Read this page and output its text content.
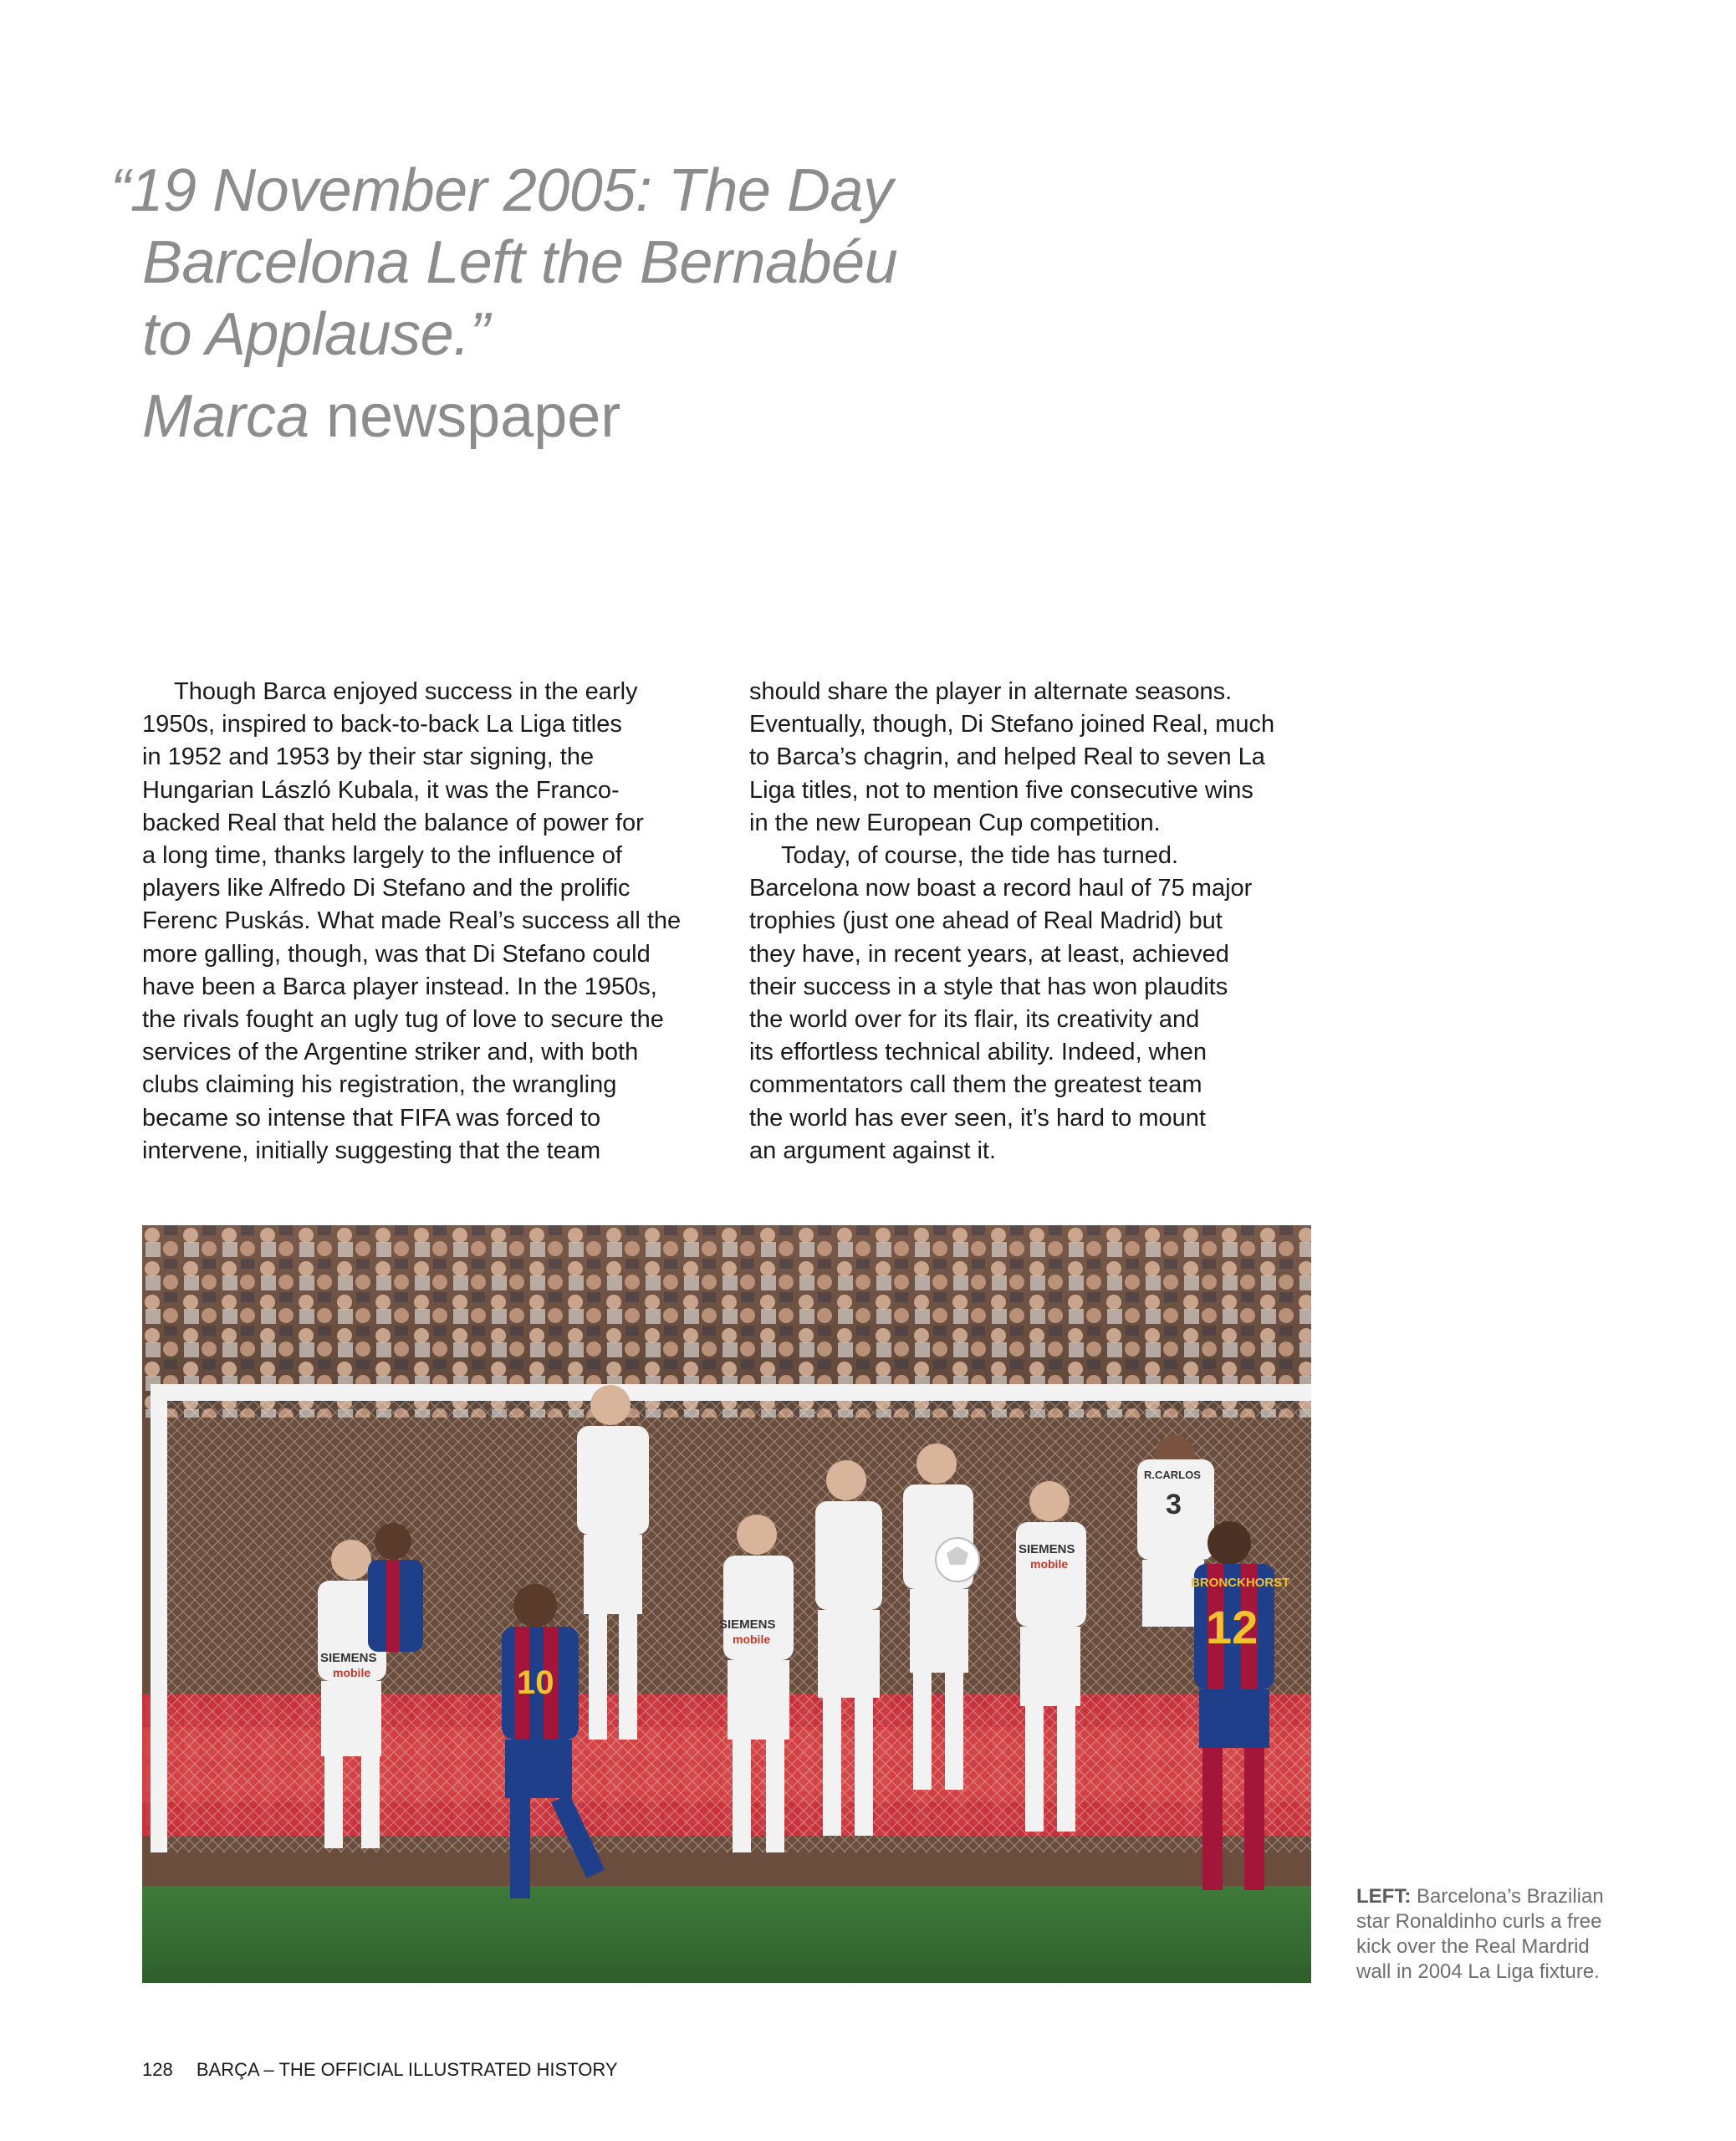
“19 November 2005: The Day
Barcelona Left the Bernabéu
to Applause.”
Marca newspaper
Though Barca enjoyed success in the early
1950s, inspired to back-to-back La Liga titles
in 1952 and 1953 by their star signing, the
Hungarian László Kubala, it was the Franco-
backed Real that held the balance of power for
a long time, thanks largely to the influence of
players like Alfredo Di Stefano and the prolific
Ferenc Puskás. What made Real’s success all the
more galling, though, was that Di Stefano could
have been a Barca player instead. In the 1950s,
the rivals fought an ugly tug of love to secure the
services of the Argentine striker and, with both
clubs claiming his registration, the wrangling
became so intense that FIFA was forced to
intervene, initially suggesting that the team
should share the player in alternate seasons.
Eventually, though, Di Stefano joined Real, much
to Barca’s chagrin, and helped Real to seven La
Liga titles, not to mention five consecutive wins
in the new European Cup competition.
Today, of course, the tide has turned.
Barcelona now boast a record haul of 75 major
trophies (just one ahead of Real Madrid) but
they have, in recent years, at least, achieved
their success in a style that has won plaudits
the world over for its flair, its creativity and
its effortless technical ability. Indeed, when
commentators call them the greatest team
the world has ever seen, it’s hard to mount
an argument against it.
R.CARLOS
3
SIEMENS
mobile
SIEMENS
mobile
SIEMENS
mobile
10
BRONCKHORST
12
LEFT: Barcelona’s Brazilian
star Ronaldinho curls a free
kick over the Real Mardrid
wall in 2004 La Liga fixture.
128 BARÇA – THE OFFICIAL ILLUSTRATED HISTORY
